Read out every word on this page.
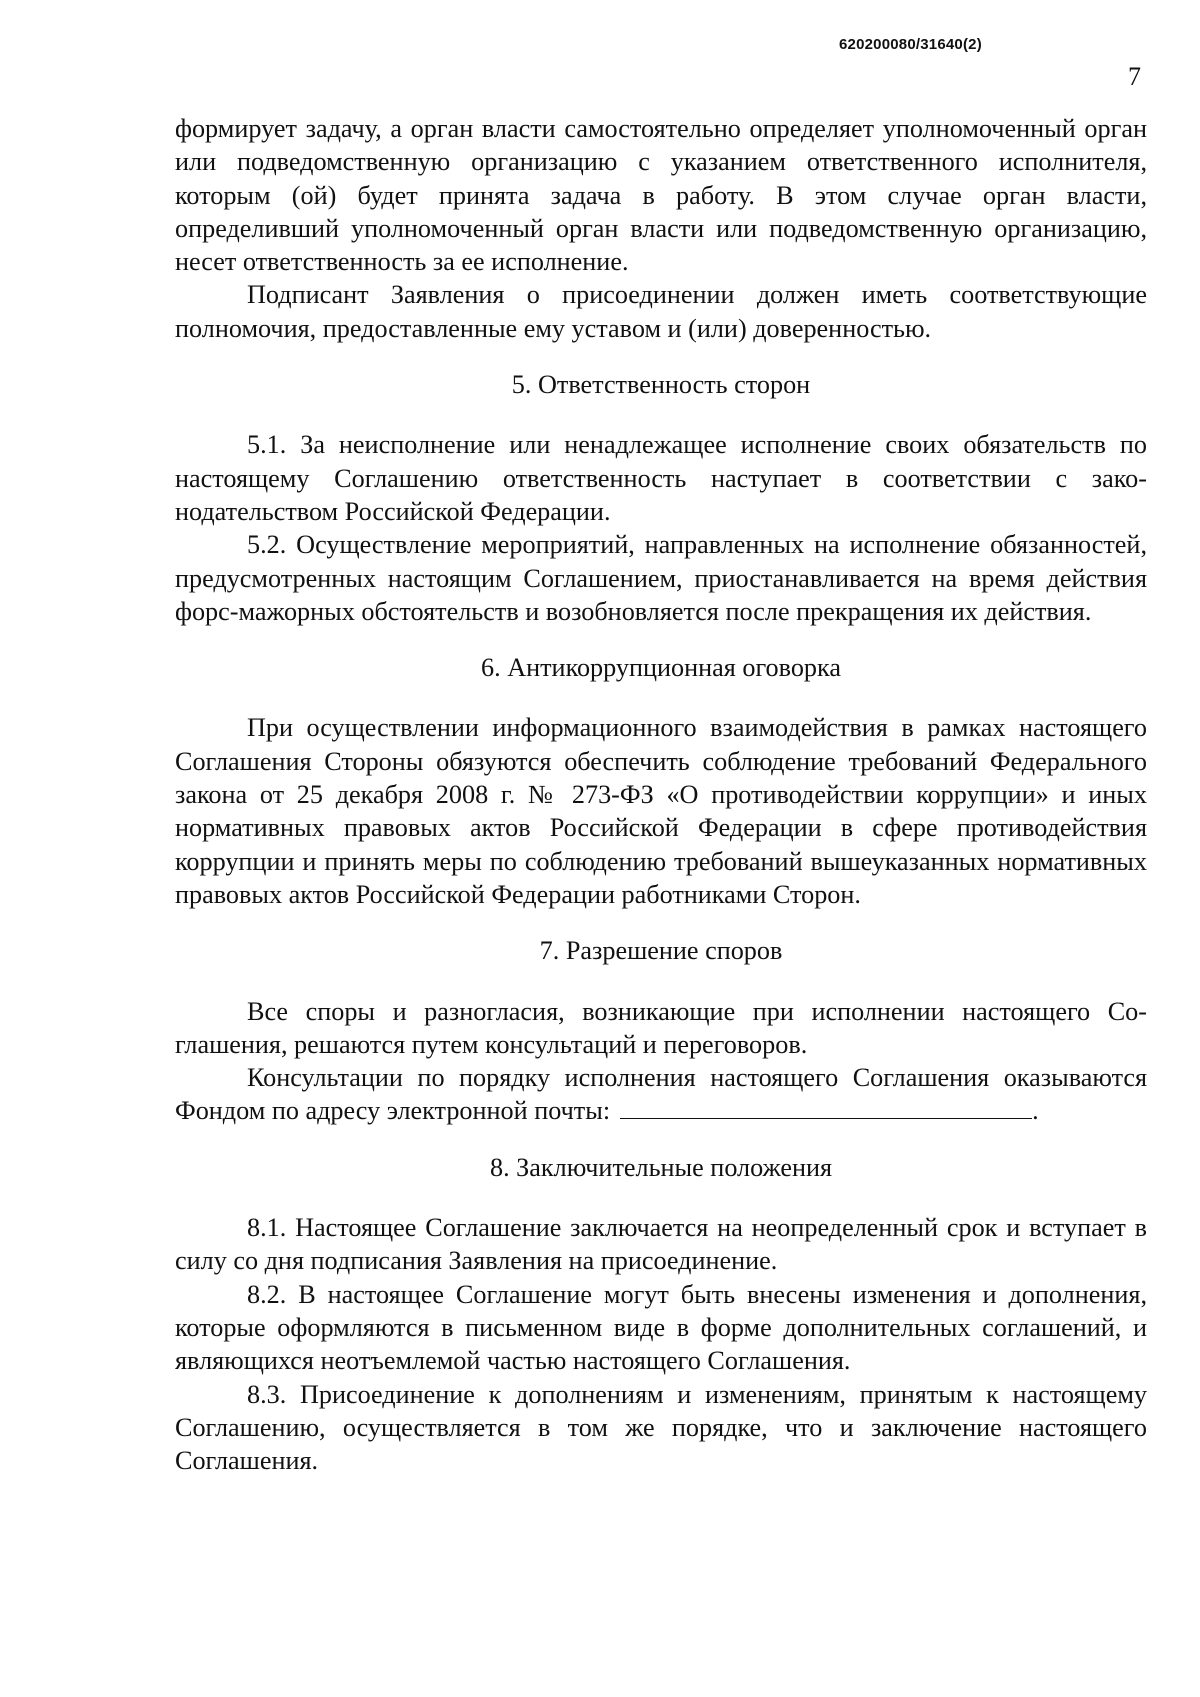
620200080/31640(2)
7

формирует задачу, а орган власти самостоятельно определяет уполномоченный орган или подведомственную организацию с указанием ответственного исполнителя, которым (ой) будет принята задача в работу. В этом случае орган власти, определивший уполномоченный орган власти или подведомственную организацию, несет ответственность за ее исполнение.

Подписант Заявления о присоединении должен иметь соответствующие полномочия, предоставленные ему уставом и (или) доверенностью.

5. Ответственность сторон

5.1. За неисполнение или ненадлежащее исполнение своих обязательств по настоящему Соглашению ответственность наступает в соответствии с законодательством Российской Федерации.

5.2. Осуществление мероприятий, направленных на исполнение обязанностей, предусмотренных настоящим Соглашением, приостанавливается на время действия форс-мажорных обстоятельств и возобновляется после прекращения их действия.

6. Антикоррупционная оговорка

При осуществлении информационного взаимодействия в рамках настоящего Соглашения Стороны обязуются обеспечить соблюдение требований Федерального закона от 25 декабря 2008 г. № 273-ФЗ «О противодействии коррупции» и иных нормативных правовых актов Российской Федерации в сфере противодействия коррупции и принять меры по соблюдению требований вышеуказанных нормативных правовых актов Российской Федерации работниками Сторон.

7. Разрешение споров

Все споры и разногласия, возникающие при исполнении настоящего Соглашения, решаются путем консультаций и переговоров.

Консультации по порядку исполнения настоящего Соглашения оказываются Фондом по адресу электронной почты:	.

8. Заключительные положения

8.1. Настоящее Соглашение заключается на неопределенный срок и вступает в силу со дня подписания Заявления на присоединение.

8.2. В настоящее Соглашение могут быть внесены изменения и дополнения, которые оформляются в письменном виде в форме дополнительных соглашений, и являющихся неотъемлемой частью настоящего Соглашения.

8.3. Присоединение к дополнениям и изменениям, принятым к настоящему Соглашению, осуществляется в том же порядке, что и заключение настоящего Соглашения.
